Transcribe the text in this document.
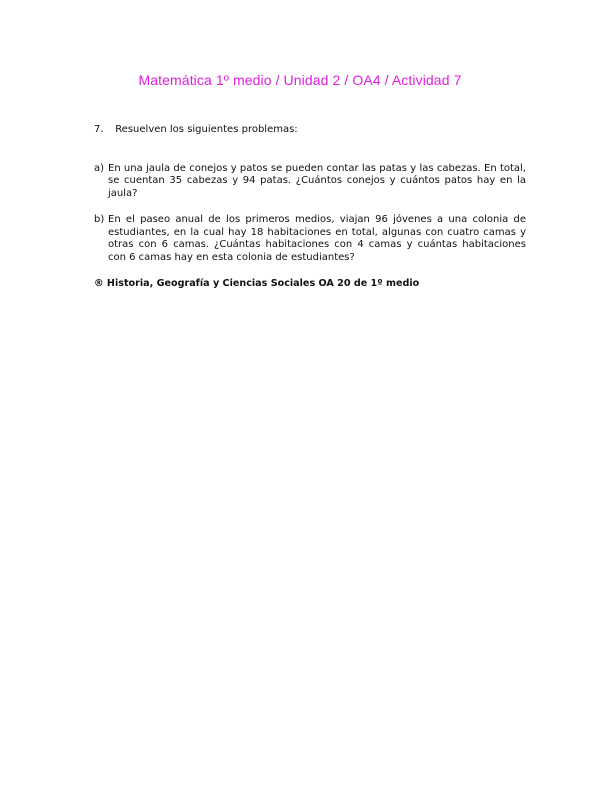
Matemática 1º medio / Unidad 2 / OA4 / Actividad 7
7. Resuelven los siguientes problemas:
a) En una jaula de conejos y patos se pueden contar las patas y las cabezas. En total, se cuentan 35 cabezas y 94 patas. ¿Cuántos conejos y cuántos patos hay en la jaula?
b) En el paseo anual de los primeros medios, viajan 96 jóvenes a una colonia de estudiantes, en la cual hay 18 habitaciones en total, algunas con cuatro camas y otras con 6 camas. ¿Cuántas habitaciones con 4 camas y cuántas habitaciones con 6 camas hay en esta colonia de estudiantes?
® Historia, Geografía y Ciencias Sociales OA 20 de 1º medio
